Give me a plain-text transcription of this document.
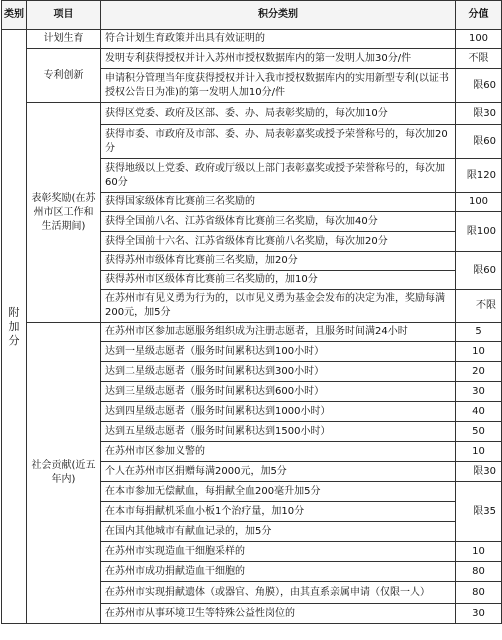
类别	项目	积分类别	分值
附加分	计划生育	符合计划生育政策并出具有效证明的	100
	专利创新	发明专利获得授权并计入苏州市授权数据库内的第一发明人加30分/件	不限
		申请积分管理当年度获得授权并计入我市授权数据库内的实用新型专利(以证书授权公告日为准)的第一发明人加10分/件	限60
	表彰奖励(在苏州市区工作和生活期间)	获得区党委、政府及区部、委、办、局表彰奖励的，每次加10分	限30
		获得市委、市政府及市部、委、办、局表彰嘉奖或授予荣誉称号的，每次加20分	限60
		获得地级以上党委、政府或厅级以上部门表彰嘉奖或授予荣誉称号的，每次加60分	限120
		获得国家级体育比赛前三名奖励的	100
		获得全国前八名、江苏省级体育比赛前三名奖励，每次加40分	限100
		获得全国前十六名、江苏省级体育比赛前八名奖励，每次加20分	
		获得苏州市级体育比赛前三名奖励，加20分	限60
		获得苏州市区级体育比赛前三名奖励的，加10分	
		在苏州市有见义勇为行为的，以市见义勇为基金会发布的决定为准，奖励每满200元，加5分	不限
	社会贡献(近五年内)	在苏州市区参加志愿服务组织成为注册志愿者，且服务时间满24小时	5
		达到一星级志愿者（服务时间累积达到100小时）	10
		达到二星级志愿者（服务时间累积达到300小时）	20
		达到三星级志愿者（服务时间累积达到600小时）	30
		达到四星级志愿者（服务时间累积达到1000小时）	40
		达到五星级志愿者（服务时间累积达到1500小时）	50
		在苏州市区参加义警的	10
		个人在苏州市区捐赠每满2000元，加5分	限30
		在本市参加无偿献血，每捐献全血200毫升加5分	限35
		在本市每捐献机采血小板1个治疗量，加10分	
		在国内其他城市有献血记录的，加5分	
		在苏州市实现造血干细胞采样的	10
		在苏州市成功捐献造血干细胞的	80
		在苏州市实现捐献遗体（或器官、角膜），由其直系亲属申请（仅限一人）	80
		在苏州市从事环境卫生等特殊公益性岗位的	30
